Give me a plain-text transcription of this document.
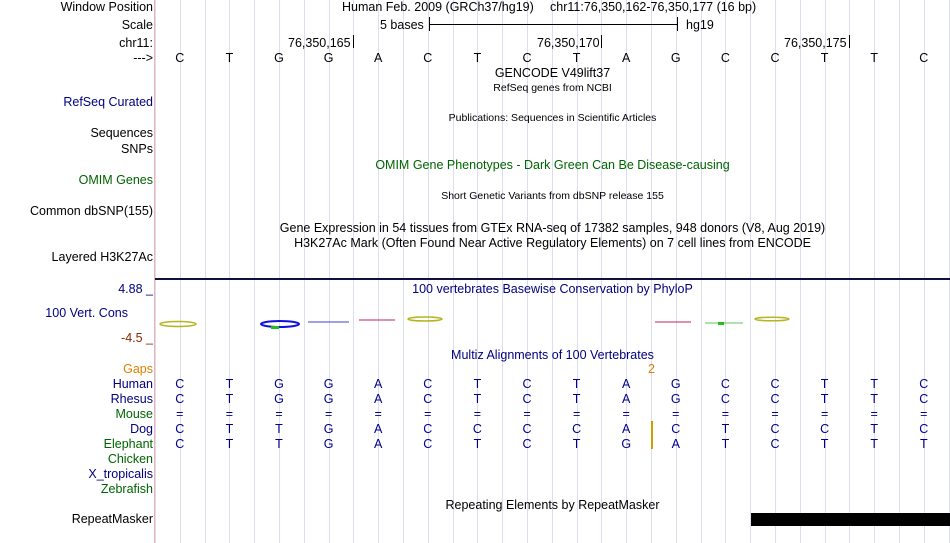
Window Position	Human Feb. 2009 (GRCh37/hg19) chr11:76,350,162-76,350,177 (16 bp)
Scale	5 bases	hg19
chr11:	76,350,165	76,350,170	76,350,175
--->	C	T	G	G	A	C	T	C	T	A	G	C	C	T	T	C
GENCODE V49lift37
RefSeq genes from NCBI
RefSeq Curated
Publications: Sequences in Scientific Articles
Sequences
SNPs
OMIM Gene Phenotypes - Dark Green Can Be Disease-causing
OMIM Genes
Short Genetic Variants from dbSNP release 155
Common dbSNP(155)
Gene Expression in 54 tissues from GTEx RNA-seq of 17382 samples, 948 donors (V8, Aug 2019)
H3K27Ac Mark (Often Found Near Active Regulatory Elements) on 7 cell lines from ENCODE
Layered H3K27Ac
4.88 _	100 vertebrates Basewise Conservation by PhyloP
100 Vert. Cons
-4.5 _
Multiz Alignments of 100 Vertebrates
Gaps	2
Human	C	T	G	G	A	C	T	C	T	A	G	C	C	T	T	C
Rhesus	C	T	G	G	A	C	T	C	T	A	G	C	C	T	T	C
Mouse	=	=	=	=	=	=	=	=	=	=	=	=	=	=	=	=
Dog	C	T	T	G	A	C	C	C	C	A	C	T	C	C	T	C
Elephant	C	T	T	G	A	C	T	C	T	G	A	T	C	T	T	T
Chicken
X_tropicalis
Zebrafish
Repeating Elements by RepeatMasker
RepeatMasker
